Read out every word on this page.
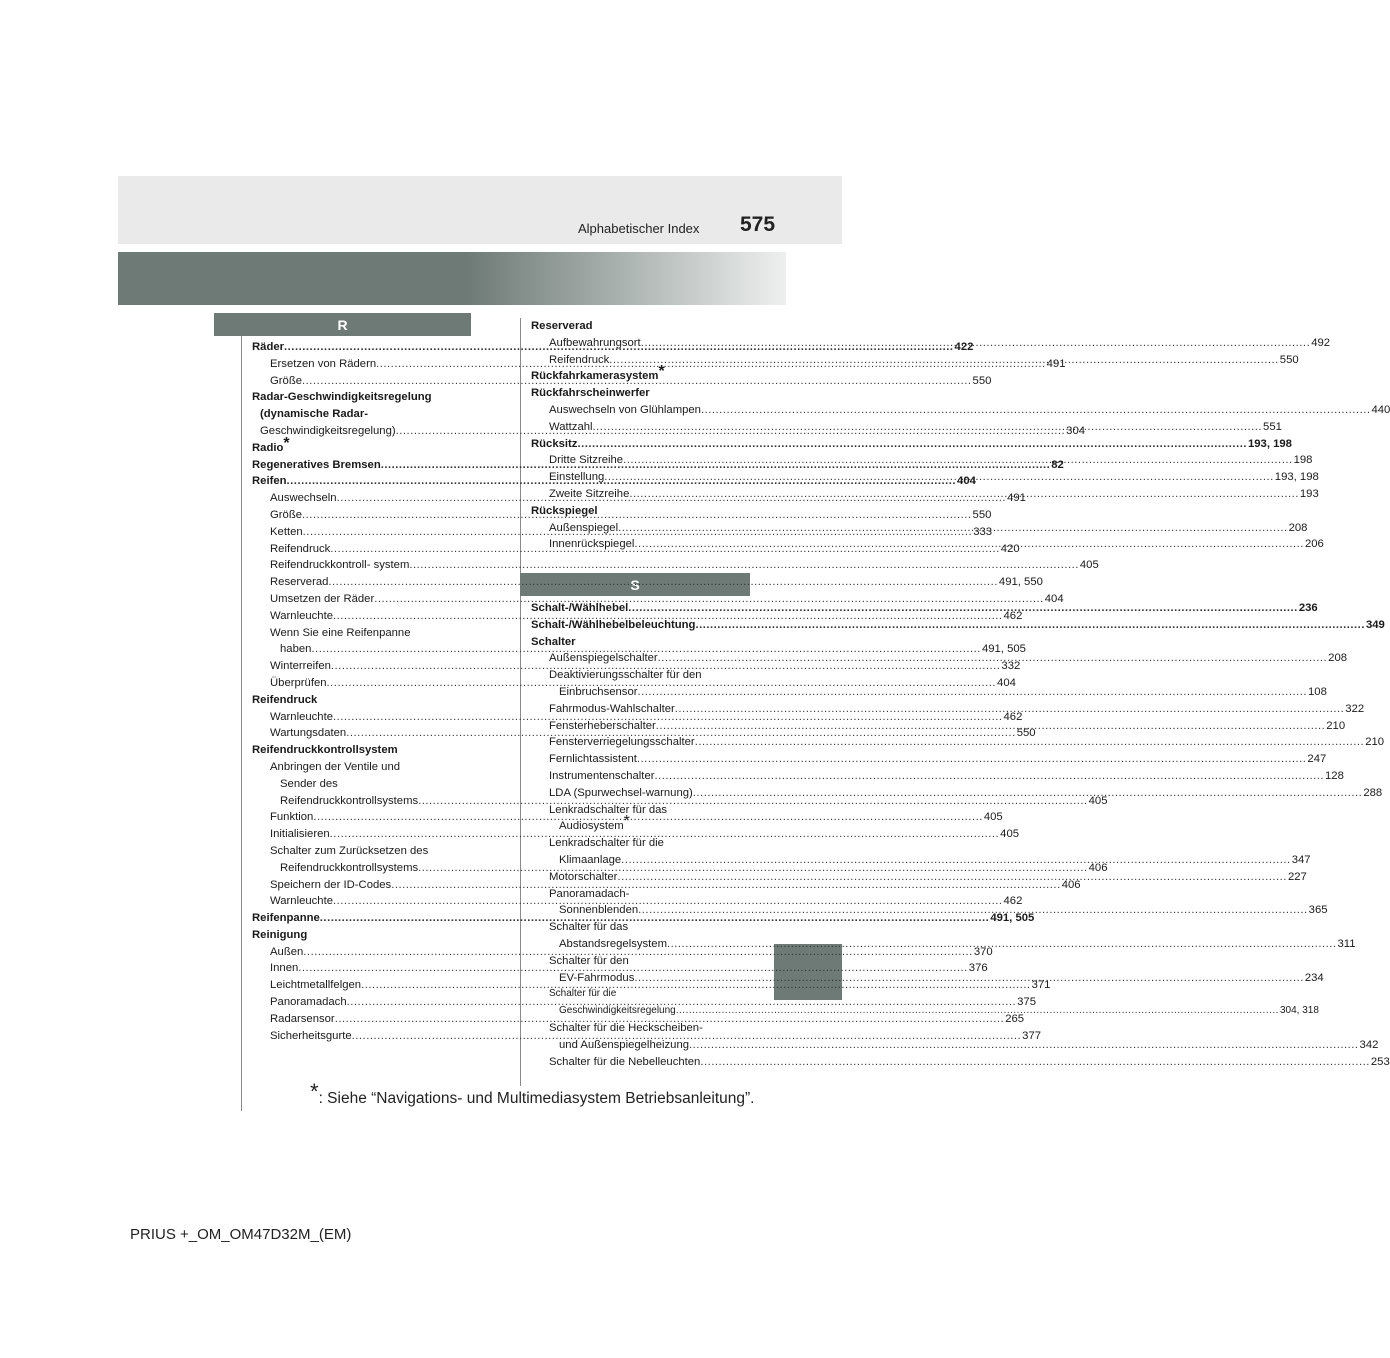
Alphabetischer Index 575
R
S
Räder .....	422
Ersetzen von Rädern .....	491
Größe .....	550
Radar-Geschwindigkeitsregelung
(dynamische Radar-
Geschwindigkeitsregelung) .....	304
Radio*
Regeneratives Bremsen .....	82
Reifen .....	404
Auswechseln .....	491
Größe .....	550
Ketten .....	333
Reifendruck .....	420
Reifendruckkontroll- system .....	405
Reserverad .....	491, 550
Umsetzen der Räder .....	404
Warnleuchte .....	462
Wenn Sie eine Reifenpanne
haben .....	491, 505
Winterreifen .....	332
Überprüfen .....	404
Reifendruck
Warnleuchte .....	462
Wartungsdaten .....	550
Reifendruckkontrollsystem
Anbringen der Ventile und
Sender des
Reifendruckkontrollsystems .....	405
Funktion .....	405
Initialisieren .....	405
Schalter zum Zurücksetzen des
Reifendruckkontrollsystems .....	406
Speichern der ID-Codes .....	406
Warnleuchte .....	462
Reifenpanne .....	491, 505
Reinigung
Außen .....	370
Innen .....	376
Leichtmetallfelgen .....	371
Panoramadach .....	375
Radarsensor .....	265
Sicherheitsgurte .....	377
Reserverad
Aufbewahrungsort .....	492
Reifendruck .....	550
Rückfahrkamerasystem*
Rückfahrscheinwerfer
Auswechseln von Glühlampen .....	440
Wattzahl .....	551
Rücksitz .....	193, 198
Dritte Sitzreihe .....	198
Einstellung .....	193, 198
Zweite Sitzreihe .....	193
Rückspiegel
Außenspiegel .....	208
Innenrückspiegel .....	206
Schalt-/Wählhebel .....	236
Schalt-/Wählhebelbeleuchtung .....	349
Schalter
Außenspiegelschalter .....	208
Deaktivierungsschalter für den
Einbruchsensor .....	108
Fahrmodus-Wahlschalter .....	322
Fensterheberschalter .....	210
Fensterverriegelungsschalter .....	210
Fernlichtassistent .....	247
Instrumentenschalter .....	128
LDA (Spurwechsel-warnung) .....	288
Lenkradschalter für das
Audiosystem*
Lenkradschalter für die
Klimaanlage .....	347
Motorschalter .....	227
Panoramadach-
Sonnenblenden .....	365
Schalter für das
Abstandsregelsystem .....	311
Schalter für den
EV-Fahrmodus .....	234
Schalter für die
Geschwindigkeitsregelung .....	304, 318
Schalter für die Heckscheiben-
und Außenspiegelheizung .....	342
Schalter für die Nebelleuchten .....	253
*: Siehe “Navigations- und Multimediasystem Betriebsanleitung”.
PRIUS +_OM_OM47D32M_(EM)
